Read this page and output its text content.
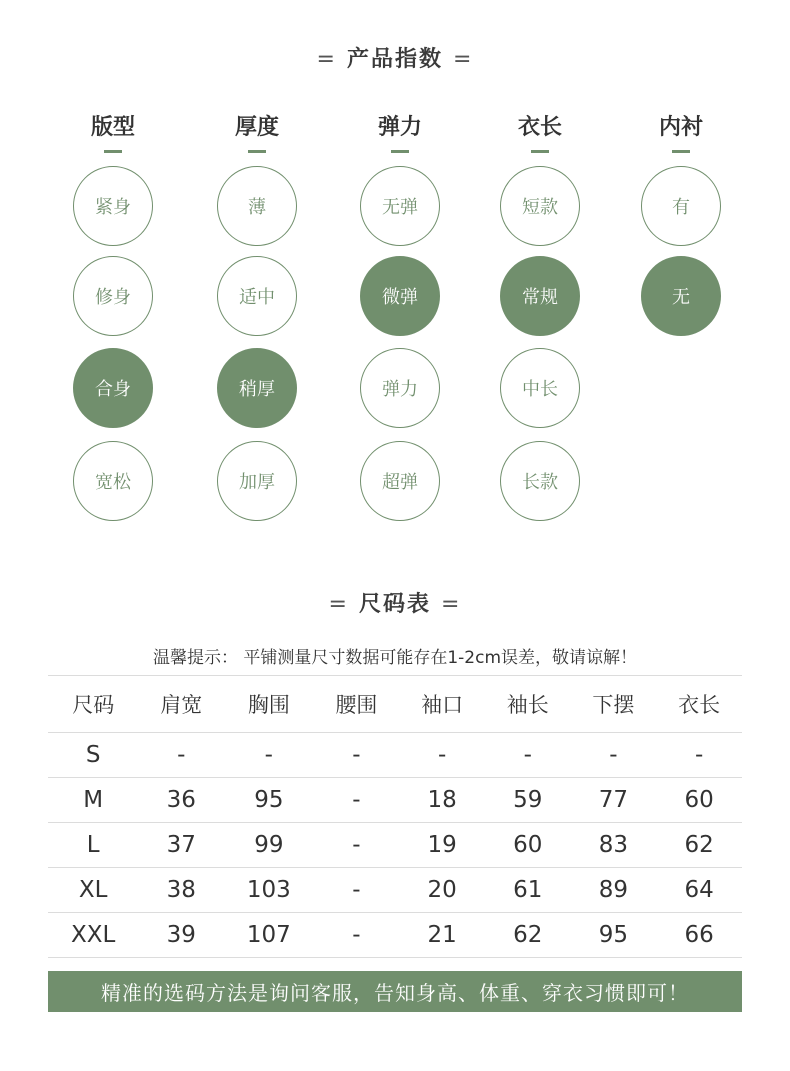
= 产品指数 =
版型
紧身
修身
合身
宽松
厚度
薄
适中
稍厚
加厚
弹力
无弹
微弹
弹力
超弹
衣长
短款
常规
中长
长款
内衬
有
无
= 尺码表 =
温馨提示： 平铺测量尺寸数据可能存在1-2cm误差，敬请谅解！
尺码	肩宽	胸围	腰围	袖口	袖长	下摆	衣长
S	-	-	-	-	-	-	-
M	36	95	-	18	59	77	60
L	37	99	-	19	60	83	62
XL	38	103	-	20	61	89	64
XXL	39	107	-	21	62	95	66
精准的选码方法是询问客服，告知身高、体重、穿衣习惯即可！
